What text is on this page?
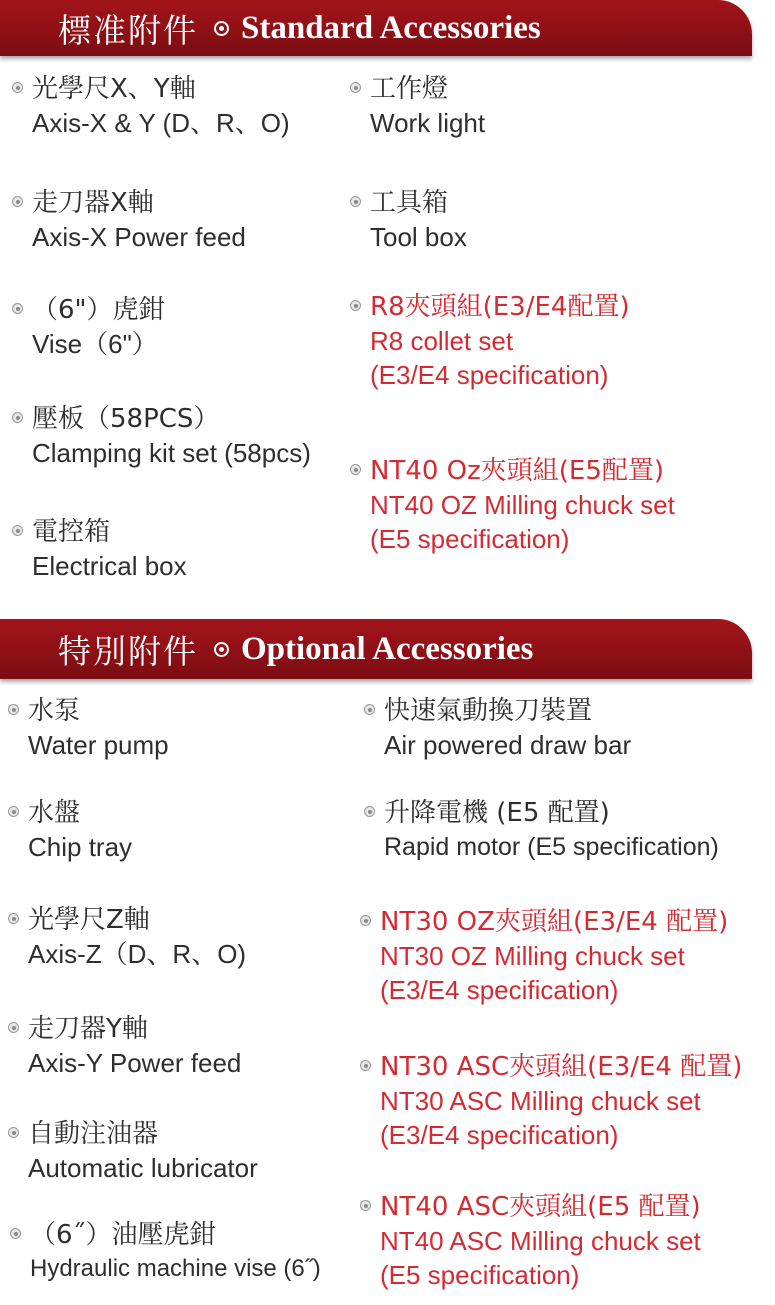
標准附件 Standard Accessories
光學尺X、Y軸
Axis-X & Y (D、R、O)
走刀器X軸
Axis-X Power feed
（6"）虎鉗
Vise（6"）
壓板（58PCS）
Clamping kit set (58pcs)
電控箱
Electrical box
工作燈
Work light
工具箱
Tool box
R8夾頭組(E3/E4配置)
R8 collet set
(E3/E4 specification)
NT40 Oz夾頭組(E5配置)
NT40 OZ Milling chuck set
(E5 specification)
特別附件 Optional Accessories
水泵
Water pump
水盤
Chip tray
光學尺Z軸
Axis-Z（D、R、O)
走刀器Y軸
Axis-Y Power feed
自動注油器
Automatic lubricator
（6˝）油壓虎鉗
Hydraulic machine vise (6˝)
快速氣動換刀裝置
Air powered draw bar
升降電機 (E5 配置)
Rapid motor (E5 specification)
NT30 OZ夾頭組(E3/E4 配置)
NT30 OZ Milling chuck set
(E3/E4 specification)
NT30 ASC夾頭組(E3/E4 配置)
NT30 ASC Milling chuck set
(E3/E4 specification)
NT40 ASC夾頭組(E5 配置)
NT40 ASC Milling chuck set
(E5 specification)
